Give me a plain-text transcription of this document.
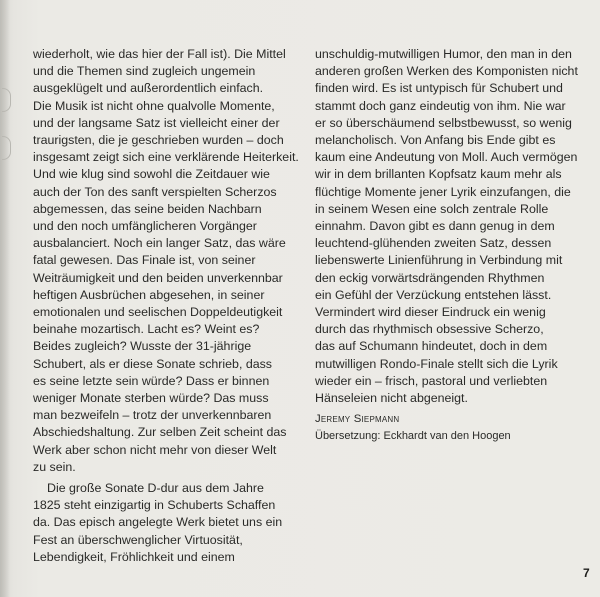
wiederholt, wie das hier der Fall ist). Die Mittel
und die Themen sind zugleich ungemein
ausgeklügelt und außerordentlich einfach.
Die Musik ist nicht ohne qualvolle Momente,
und der langsame Satz ist vielleicht einer der
traurigsten, die je geschrieben wurden – doch
insgesamt zeigt sich eine verklärende Heiterkeit.
Und wie klug sind sowohl die Zeitdauer wie
auch der Ton des sanft verspielten Scherzos
abgemessen, das seine beiden Nachbarn
und den noch umfänglicheren Vorgänger
ausbalanciert. Noch ein langer Satz, das wäre
fatal gewesen. Das Finale ist, von seiner
Weiträumigkeit und den beiden unverkennbar
heftigen Ausbrüchen abgesehen, in seiner
emotionalen und seelischen Doppeldeutigkeit
beinahe mozartisch. Lacht es? Weint es?
Beides zugleich? Wusste der 31-jährige
Schubert, als er diese Sonate schrieb, dass
es seine letzte sein würde? Dass er binnen
weniger Monate sterben würde? Das muss
man bezweifeln – trotz der unverkennbaren
Abschiedshaltung. Zur selben Zeit scheint das
Werk aber schon nicht mehr von dieser Welt
zu sein.
Die große Sonate D-dur aus dem Jahre
1825 steht einzigartig in Schuberts Schaffen
da. Das episch angelegte Werk bietet uns ein
Fest an überschwenglicher Virtuosität,
Lebendigkeit, Fröhlichkeit und einem
unschuldig-mutwilligen Humor, den man in den
anderen großen Werken des Komponisten nicht
finden wird. Es ist untypisch für Schubert und
stammt doch ganz eindeutig von ihm. Nie war
er so überschäumend selbstbewusst, so wenig
melancholisch. Von Anfang bis Ende gibt es
kaum eine Andeutung von Moll. Auch vermögen
wir in dem brillanten Kopfsatz kaum mehr als
flüchtige Momente jener Lyrik einzufangen, die
in seinem Wesen eine solch zentrale Rolle
einnahm. Davon gibt es dann genug in dem
leuchtend-glühenden zweiten Satz, dessen
liebenswerte Linienführung in Verbindung mit
den eckig vorwärtsdrängenden Rhythmen
ein Gefühl der Verzückung entstehen lässt.
Vermindert wird dieser Eindruck ein wenig
durch das rhythmisch obsessive Scherzo,
das auf Schumann hindeutet, doch in dem
mutwilligen Rondo-Finale stellt sich die Lyrik
wieder ein – frisch, pastoral und verliebten
Hänseleien nicht abgeneigt.
Jeremy Siepmann
Übersetzung: Eckhardt van den Hoogen
7
